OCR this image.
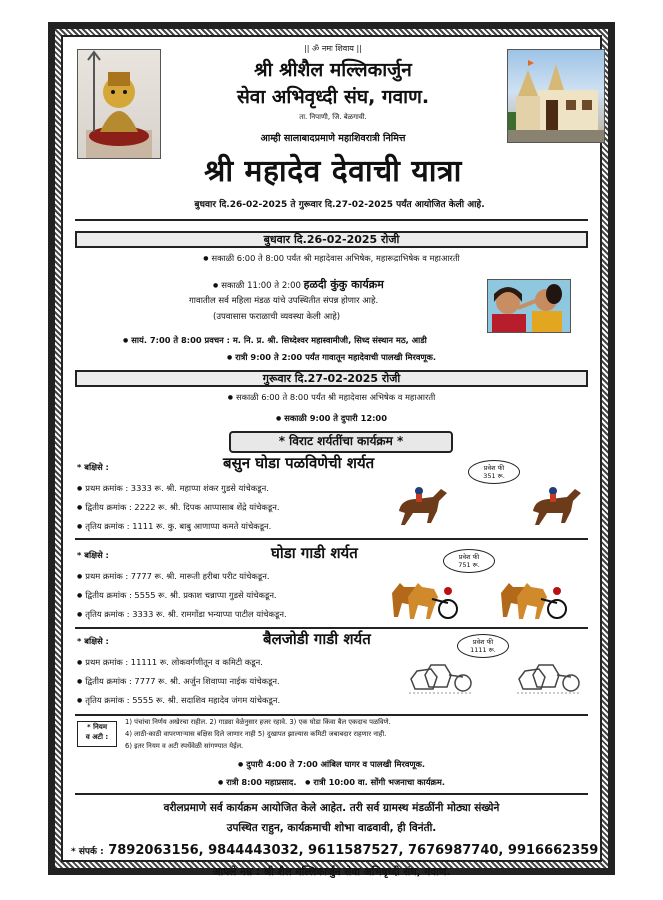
|| ॐ नमः शिवाय ||
श्री श्रीशैल मल्लिकार्जुन
सेवा अभिवृध्दी संघ, गवाण.
ता. निपाणी, जि. बेळगावी.
आम्ही सालाबादप्रमाणे महाशिवरात्री निमित्त
श्री महादेव देवाची यात्रा
बुधवार दि.26-02-2025 ते गुरूवार दि.27-02-2025 पर्यंत आयोजित केली आहे.
बुधवार दि.26-02-2025 रोजी
● सकाळी 6:00 ते 8:00 पर्यंत श्री महादेवास अभिषेक, महारूद्राभिषेक व महाआरती
● सकाळी 11:00 ते 2:00 हळदी कुंकु कार्यक्रम
गावातील सर्व महिला मंडळ यांचे उपस्थितीत संपन्न होणार आहे.
(उपवासास फराळाची व्यवस्था केली आहे)
● सायं. 7:00 ते 8:00 प्रवचन : म. नि. प्र. श्री. सिध्देश्वर महास्वामीजी, सिध्द संस्थान मठ, आडी
● रात्री 9:00 ते 2:00 पर्यंत गावातून महादेवाची पालखी मिरवणूक.
गुरूवार दि.27-02-2025 रोजी
● सकाळी 6:00 ते 8:00 पर्यंत श्री महादेवास अभिषेक व महाआरती
● सकाळी 9:00 ते दुपारी 12:00
* विराट शर्यतींचा कार्यक्रम *
* बक्षिसे :	बसुन घोडा पळविणेची शर्यत	प्रवेश फी
351 रू.
● प्रथम क्रमांक : 3333 रू. श्री. महाप्पा शंकर गुडसे यांचेकडून.
● द्वितीय क्रमांक : 2222 रू. श्री. दिपक आप्पासाब शेंद्रे यांचेकडून.
● तृतिय क्रमांक : 1111 रू. कु. बाबु आणाप्पा कमते यांचेकडून.
* बक्षिसे :	घोडा गाडी शर्यत	प्रवेश फी
751 रू.
● प्रथम क्रमांक : 7777 रू. श्री. मारूती हरीबा परीट यांचेकडून.
● द्वितीय क्रमांक : 5555 रू. श्री. प्रकाश चन्नाप्पा गुडसे यांचेकडून.
● तृतिय क्रमांक : 3333 रू. श्री. रामगोंडा भन्याप्पा पाटील यांचेकडून.
* बक्षिसे :	बैलजोडी गाडी शर्यत	प्रवेश फी
1111 रू.
● प्रथम क्रमांक : 11111 रू. लोकवर्गणीतून व कमिटी कडून.
● द्वितीय क्रमांक : 7777 रू. श्री. अर्जुन शिवाप्पा नाईक यांचेकडून.
● तृतिय क्रमांक : 5555 रू. श्री. सदाशिव महादेव जंगम यांचेकडून.
* नियम
व अटी :
1) पंचांचा निर्णय अखेरचा राहील. 2) गाड्या वेळेनुसार हजर रहावे. 3) एक घोडा किंवा बैल एकदाच पळविणे.
4) लाठी-काठी वापरणाऱ्यास बक्षिस दिले जाणार नाही 5) दुखापत झाल्यास कमिटी जबाबदार राहणार नाही.
6) इतर नियम व अटी स्पर्धेवेळी सांगण्यात येईल.
● दुपारी 4:00 ते 7:00 आंबिल घागर व पालखी मिरवणूक.
● रात्री 8:00 महाप्रसाद.   ● रात्री 10:00 वा. सोंगी भजनाचा कार्यक्रम.
वरीलप्रमाणे सर्व कार्यक्रम आयोजित केले आहेत. तरी सर्व ग्रामस्थ मंडळींनी मोठ्या संख्येने
उपस्थित राहुन, कार्यक्रमाची शोभा वाढवावी, ही विनंती.
* संपर्क : 7892063156, 9844443032, 9611587527, 7676987740, 9916662359
आपले नम्र : श्री शैल मल्लिकार्जुन सेवा अभिवृध्दी संघ, गवाण.
